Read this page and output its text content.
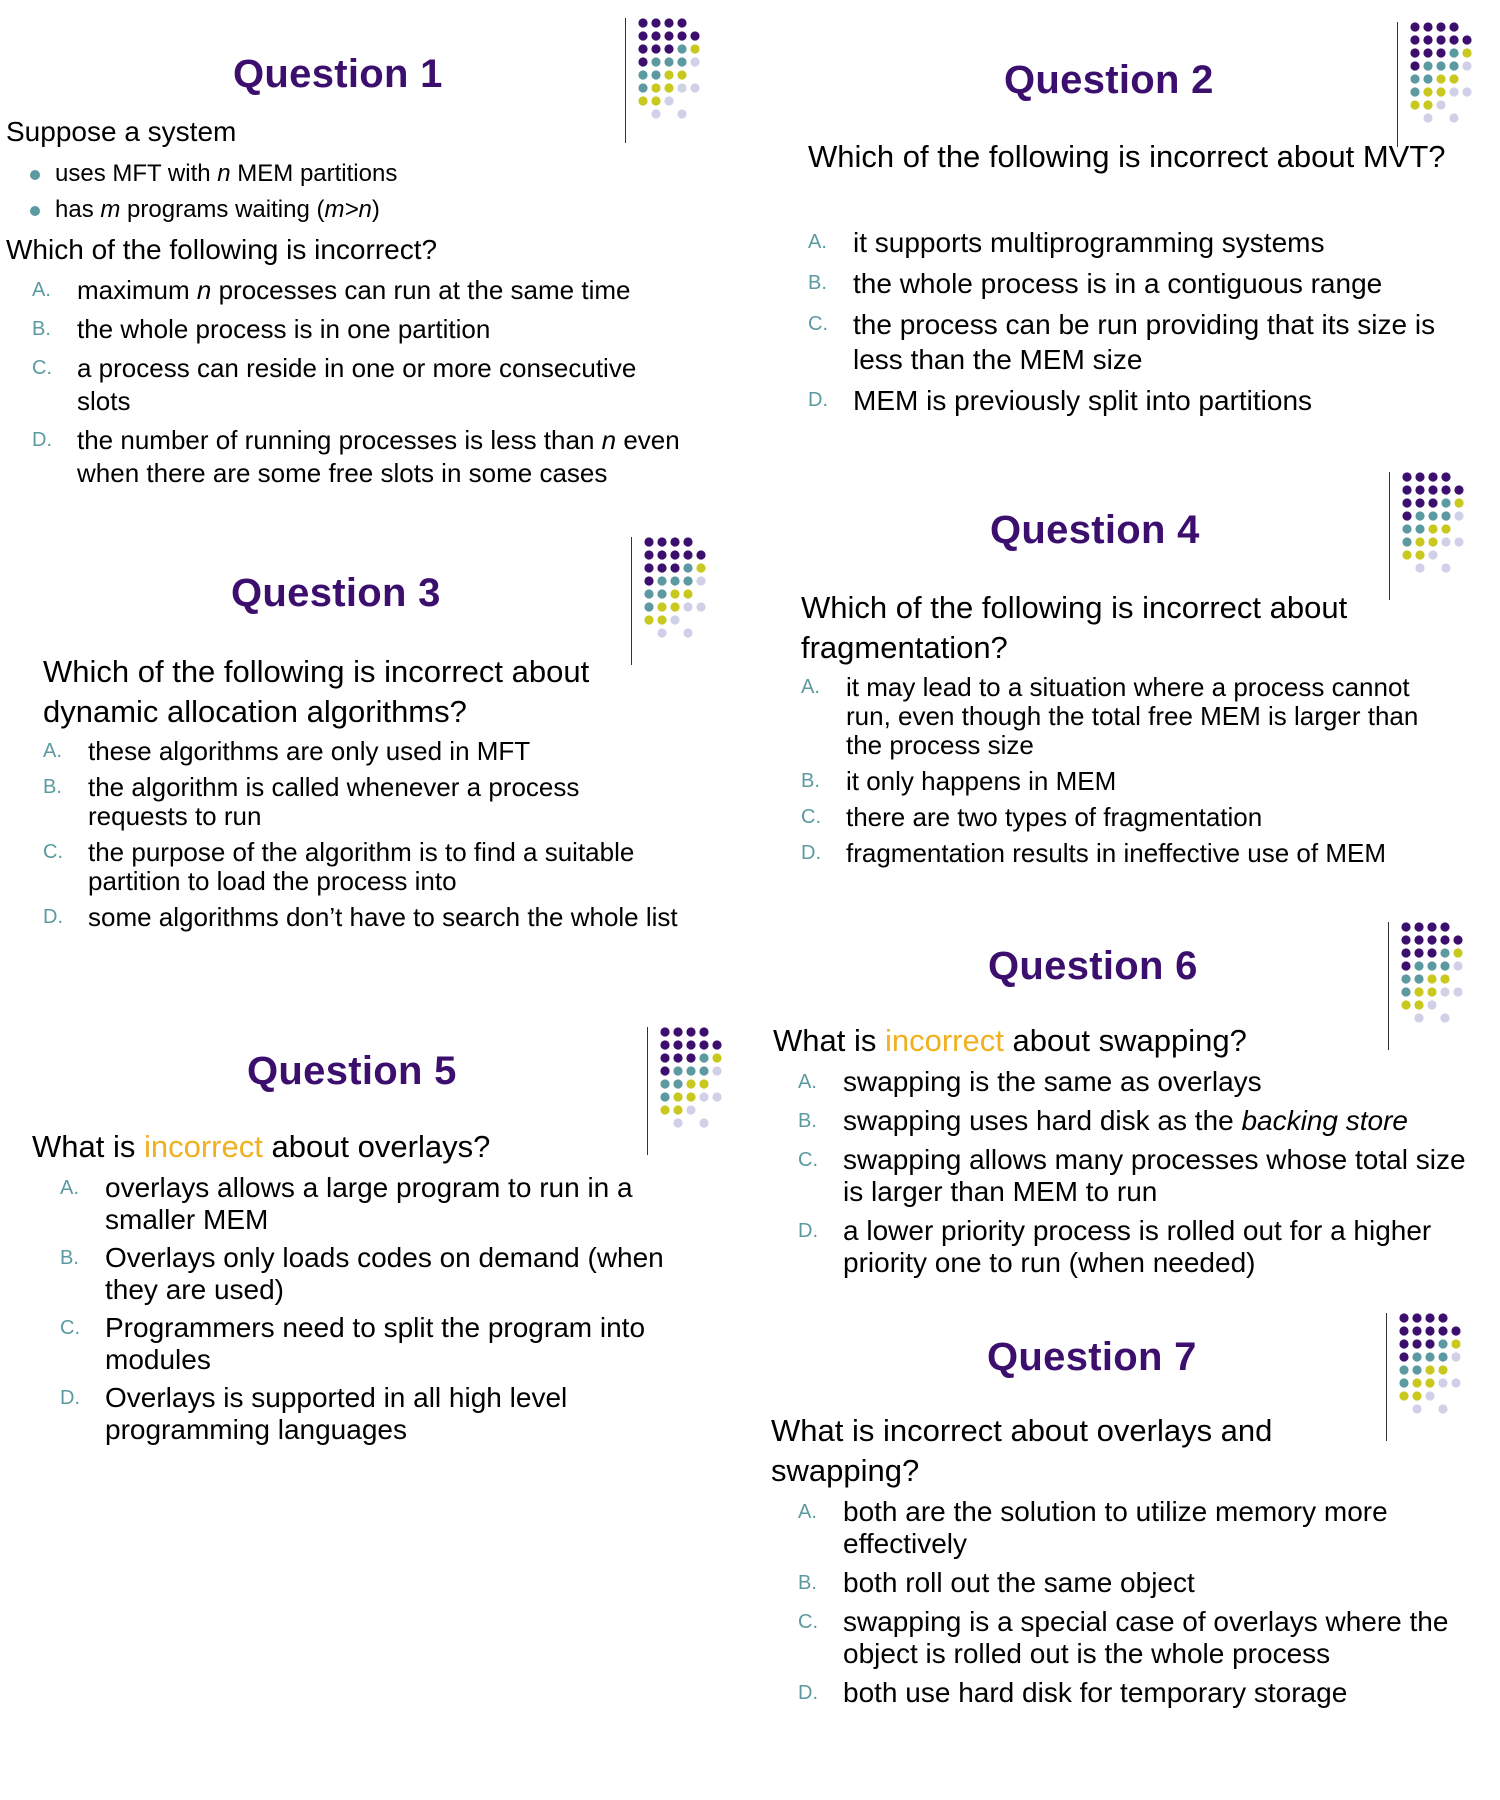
Question 1
Suppose a system
uses MFT with n MEM partitions
has m programs waiting (m>n)
Which of the following is incorrect?
A. maximum n processes can run at the same time
B. the whole process is in one partition
C. a process can reside in one or more consecutive slots
D. the number of running processes is less than n even when there are some free slots in some cases
Question 2
Which of the following is incorrect about MVT?
A. it supports multiprogramming systems
B. the whole process is in a contiguous range
C. the process can be run providing that its size is less than the MEM size
D. MEM is previously split into partitions
Question 3
Which of the following is incorrect about dynamic allocation algorithms?
A. these algorithms are only used in MFT
B. the algorithm is called whenever a process requests to run
C. the purpose of the algorithm is to find a suitable partition to load the process into
D. some algorithms don’t have to search the whole list
Question 4
Which of the following is incorrect about fragmentation?
A. it may lead to a situation where a process cannot run, even though the total free MEM is larger than the process size
B. it only happens in MEM
C. there are two types of fragmentation
D. fragmentation results in ineffective use of MEM
Question 5
What is incorrect about overlays?
A. overlays allows a large program to run in a smaller MEM
B. Overlays only loads codes on demand (when they are used)
C. Programmers need to split the program into modules
D. Overlays is supported in all high level programming languages
Question 6
What is incorrect about swapping?
A. swapping is the same as overlays
B. swapping uses hard disk as the backing store
C. swapping allows many processes whose total size is larger than MEM to run
D. a lower priority process is rolled out for a higher priority one to run (when needed)
Question 7
What is incorrect about overlays and swapping?
A. both are the solution to utilize memory more effectively
B. both roll out the same object
C. swapping is a special case of overlays where the object is rolled out is the whole process
D. both use hard disk for temporary storage
